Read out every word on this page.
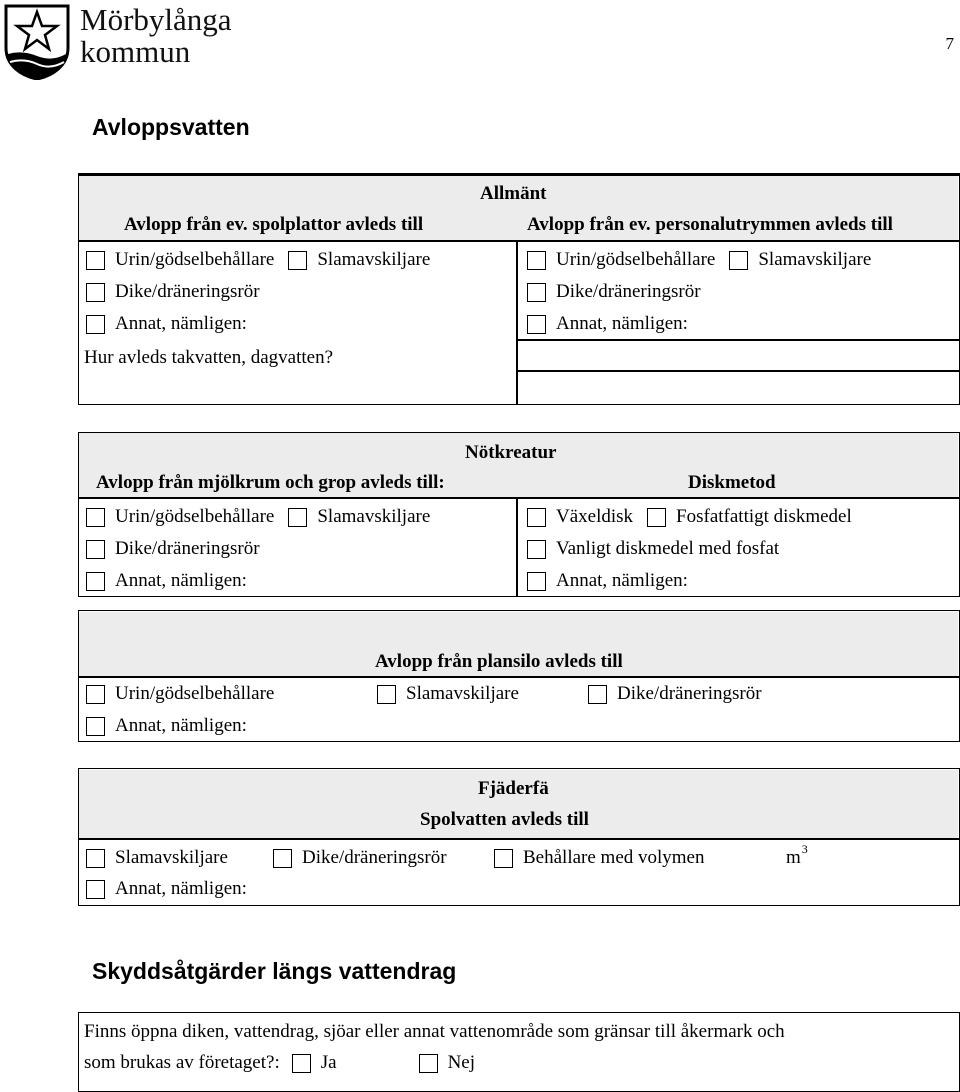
Mörbylånga
kommun	7
Avloppsvatten
Allmänt
Avlopp från ev. spolplattor avleds till	Avlopp från ev. personalutrymmen avleds till
Urin/gödselbehållare Slamavskiljare
Dike/dräneringsrör
Annat, nämligen:
Hur avleds takvatten, dagvatten?
Urin/gödselbehållare Slamavskiljare
Dike/dräneringsrör
Annat, nämligen:
Nötkreatur
Avlopp från mjölkrum och grop avleds till:	Diskmetod
Urin/gödselbehållare Slamavskiljare
Dike/dräneringsrör
Annat, nämligen:
Växeldisk Fosfatfattigt diskmedel
Vanligt diskmedel med fosfat
Annat, nämligen:
Avlopp från plansilo avleds till
Urin/gödselbehållare	Slamavskiljare	Dike/dräneringsrör
Annat, nämligen:
Fjäderfä
Spolvatten avleds till
Slamavskiljare	Dike/dräneringsrör	Behållare med volymen	m 3
Annat, nämligen:
Skyddsåtgärder längs vattendrag
Finns öppna diken, vattendrag, sjöar eller annat vattenområde som gränsar till åkermark och
som brukas av företaget?: Ja	Nej
